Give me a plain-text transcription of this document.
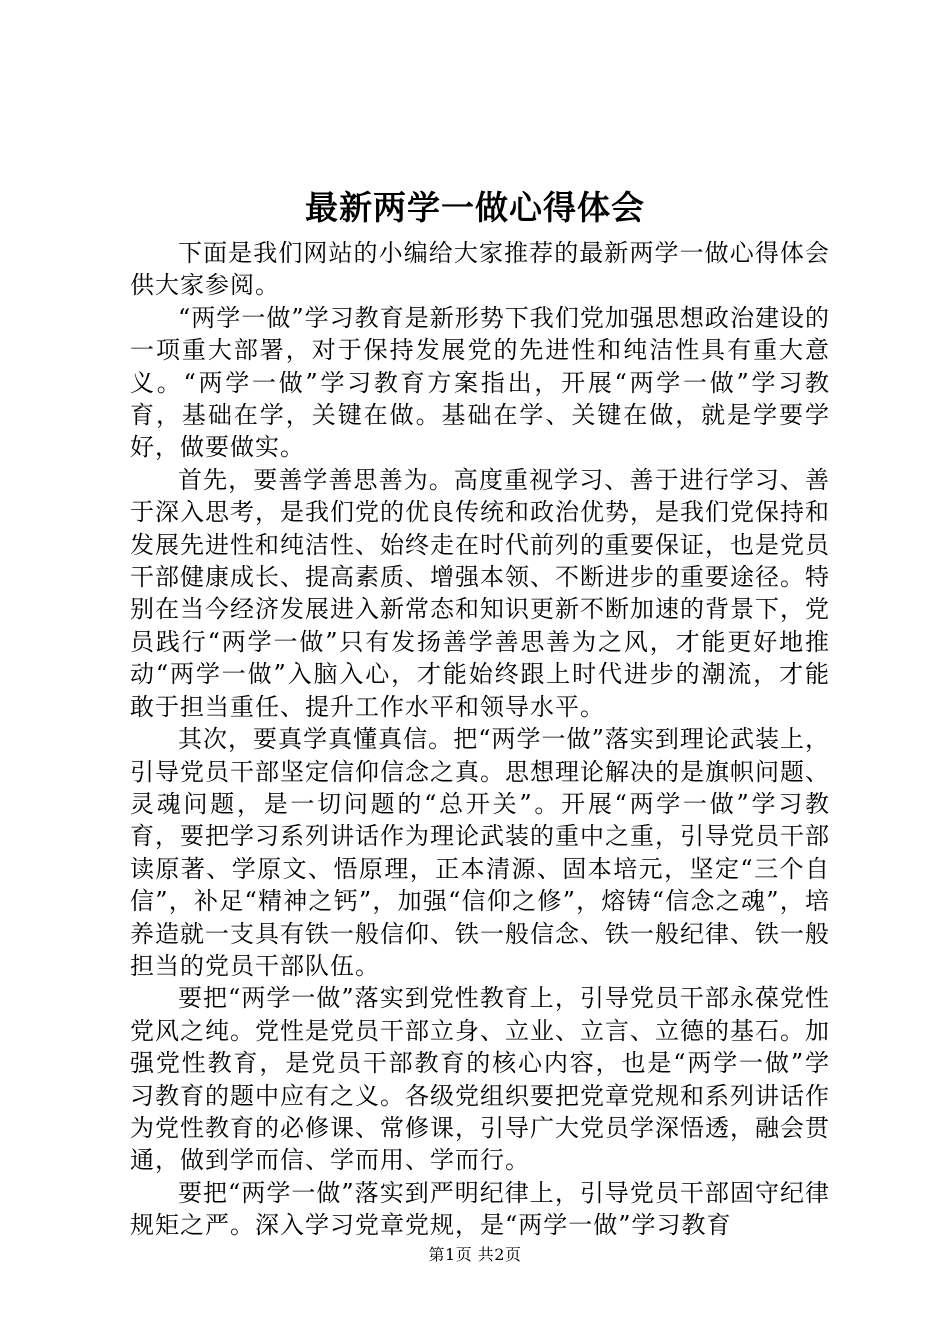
最新两学一做心得体会

下面是我们网站的小编给大家推荐的最新两学一做心得体会供大家参阅。

“两学一做”学习教育是新形势下我们党加强思想政治建设的一项重大部署，对于保持发展党的先进性和纯洁性具有重大意义。“两学一做”学习教育方案指出，开展“两学一做”学习教育，基础在学，关键在做。基础在学、关键在做，就是学要学好，做要做实。

首先，要善学善思善为。高度重视学习、善于进行学习、善于深入思考，是我们党的优良传统和政治优势，是我们党保持和发展先进性和纯洁性、始终走在时代前列的重要保证，也是党员干部健康成长、提高素质、增强本领、不断进步的重要途径。特别在当今经济发展进入新常态和知识更新不断加速的背景下，党员践行“两学一做”只有发扬善学善思善为之风，才能更好地推动“两学一做”入脑入心，才能始终跟上时代进步的潮流，才能敢于担当重任、提升工作水平和领导水平。

其次，要真学真懂真信。把“两学一做”落实到理论武装上，引导党员干部坚定信仰信念之真。思想理论解决的是旗帜问题、灵魂问题，是一切问题的“总开关”。开展“两学一做”学习教育，要把学习系列讲话作为理论武装的重中之重，引导党员干部读原著、学原文、悟原理，正本清源、固本培元，坚定“三个自信”，补足“精神之钙”，加强“信仰之修”，熔铸“信念之魂”，培养造就一支具有铁一般信仰、铁一般信念、铁一般纪律、铁一般担当的党员干部队伍。

要把“两学一做”落实到党性教育上，引导党员干部永葆党性党风之纯。党性是党员干部立身、立业、立言、立德的基石。加强党性教育，是党员干部教育的核心内容，也是“两学一做”学习教育的题中应有之义。各级党组织要把党章党规和系列讲话作为党性教育的必修课、常修课，引导广大党员学深悟透，融会贯通，做到学而信、学而用、学而行。

要把“两学一做”落实到严明纪律上，引导党员干部固守纪律规矩之严。深入学习党章党规，是“两学一做”学习教育

第1页 共2页
